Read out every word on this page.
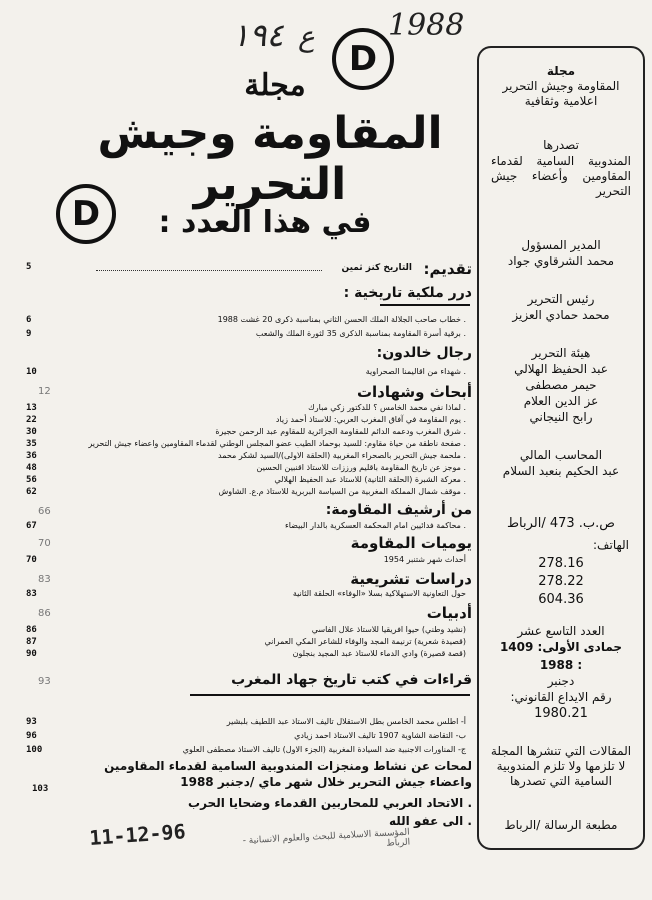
١٩٤ ع 1988
D
D
مجلة
المقاومة وجيش التحرير
في هذا العدد :
مجلة
المقاومة وجيش التحرير
اعلامية وثقافية
تصدرها
المندوبية السامية لقدماء المقاومين وأعضاء جيش التحرير
المدير المسؤول
محمد الشرقاوي جواد
رئيس التحرير
محمد حمادي العزيز
هيئة التحرير
عبد الحفيظ الهلالي
حيمر مصطفى
عز الدين العلام
رابح النيجاني
المحاسب المالي
عبد الحكيم بنعبد السلام
ص.ب. 473 /الرباط
الهاتف:
278.16
278.22
604.36
العدد التاسع عشر
جمادى الأولى: 1409
1988 :
دجنبر
رقم الايداع القانوني:
1980.21
المقالات التي تنشرها المجلة لا تلزمها ولا تلزم المندوبية السامية التي تصدرها
مطبعة الرسالة /الرباط
تقديم:
التاريخ كنز ثمين
5
درر ملكية تاريخية :
. خطاب صاحب الجلالة الملك الحسن الثاني بمناسبة ذكرى 20 غشت 1988
6
. برقية أسرة المقاومة بمناسبة الذكرى 35 لثورة الملك والشعب
9
رجال خالدون:
. شهداء من اقاليمنا الصحراوية
10
أبحاث وشهادات
12
. لماذا نفي محمد الخامس ؟ للدكتور زكي مبارك
13
. يوم المقاومة في آفاق المغرب العربي: للاستاذ أحمد زياد
22
. شرق المغرب ودعمه الدائم للمقاومة الجزائرية للمقاوم عبد الرحمن حجيرة
30
. صفحة ناطقة من حياة مقاوم: للسيد بوحماد الطيب عضو المجلس الوطني لقدماء المقاومين واعضاء جيش التحرير
35
. ملحمة جيش التحرير بالصحراء المغربية (الحلقة الاولى)/السيد لشكر محمد
36
. موجز عن تاريخ المقاومة باقليم ورززات للاستاذ اقنبين الحسين
48
. معركة الشبرة (الحلقة الثانية) للاستاذ عبد الحفيظ الهلالي
56
. موقف شمال المملكة المغربية من السياسة البربرية للاستاذ م.ع. الشاوش
62
من أرشيف المقاومة:
66
. محاكمة فدائيين امام المحكمة العسكرية بالدار البيضاء
67
يوميات المقاومة
70
أحداث شهر شتنبر 1954
70
دراسات تشريعية
83
حول التعاونية الاستهلاكية بسلا «الوفاء» الحلقة الثانية
83
أدبيات
86
(نشيد وطني) حيوا افريقيا للاستاذ علال الفاسي
86
(قصيدة شعرية) ترنيمة المجد والوفاء للشاعر المكي العمراني
87
(قصة قصيرة) وادي الدماء للاستاذ عبد المجيد بنجلون
90
قراءات في كتب تاريخ جهاد المغرب
93
أ- اطلس محمد الخامس بطل الاستقلال تاليف الاستاذ عبد اللطيف بلبشير
93
ب- التقاضة الشاوية 1907 تاليف الاستاذ احمد زيادي
96
ج- المناورات الاجنبية ضد السيادة المغربية (الجزء الاول) تاليف الاستاذ مصطفى العلوي
100
لمحات عن نشاط ومنجزات المندوبية السامية لقدماء المقاومين واعضاء جيش التحرير خلال شهر ماي /دجنبر 1988
103
. الاتحاد العربي للمحاربين القدماء وضحايا الحرب
. الى عفو الله
المؤسسة الاسلامية للبحث والعلوم الانسانية - الرباط
11-12-96
